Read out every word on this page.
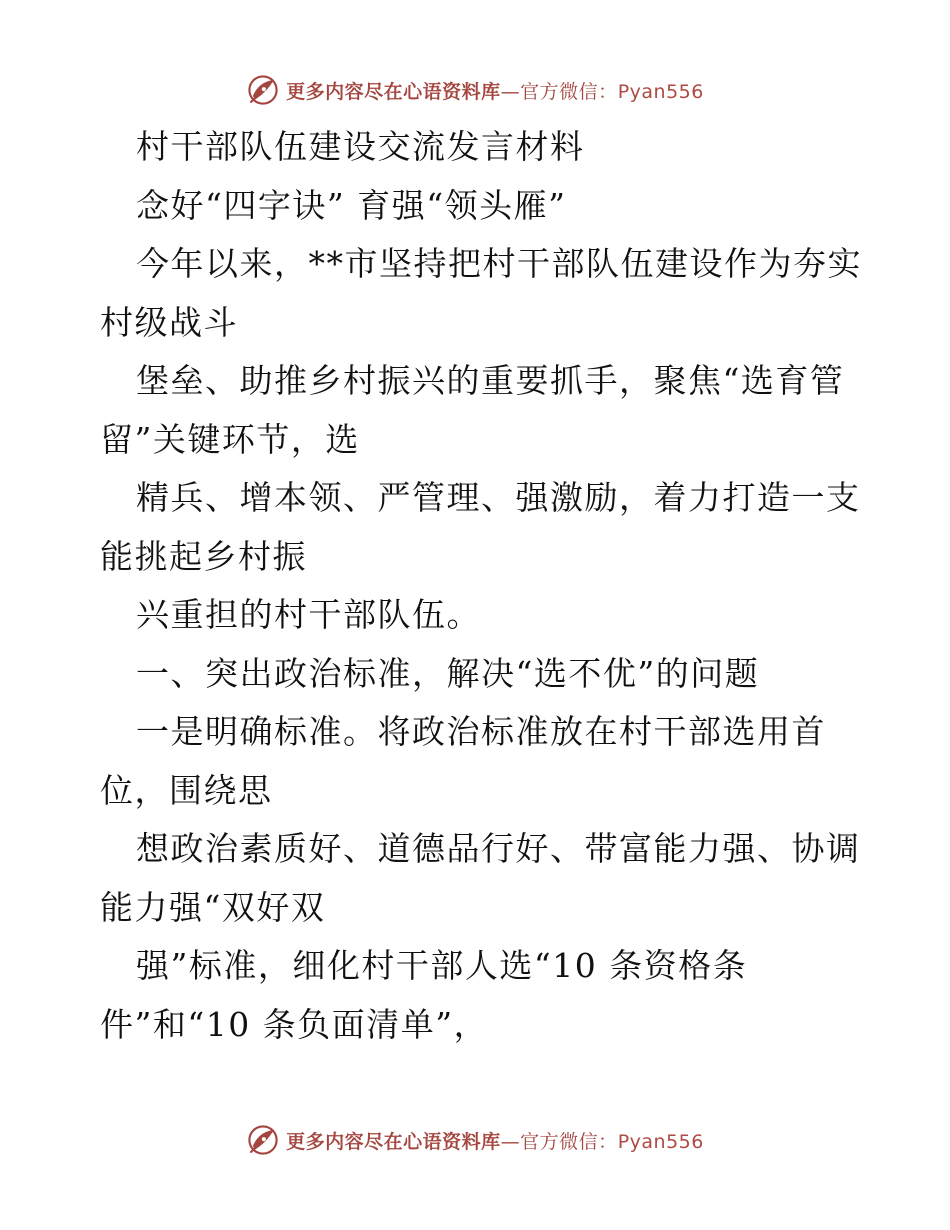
更多内容尽在心语资料库—官方微信：Pyan556
村干部队伍建设交流发言材料
念好“四字诀” 育强“领头雁”
今年以来，**市坚持把村干部队伍建设作为夯实
村级战斗
堡垒、助推乡村振兴的重要抓手，聚焦“选育管
留”关键环节，选
精兵、增本领、严管理、强激励，着力打造一支
能挑起乡村振
兴重担的村干部队伍。
一、突出政治标准，解决“选不优”的问题
一是明确标准。将政治标准放在村干部选用首
位，围绕思
想政治素质好、道德品行好、带富能力强、协调
能力强“双好双
强”标准，细化村干部人选“10 条资格条
件”和“10 条负面清单”，
更多内容尽在心语资料库—官方微信：Pyan556
